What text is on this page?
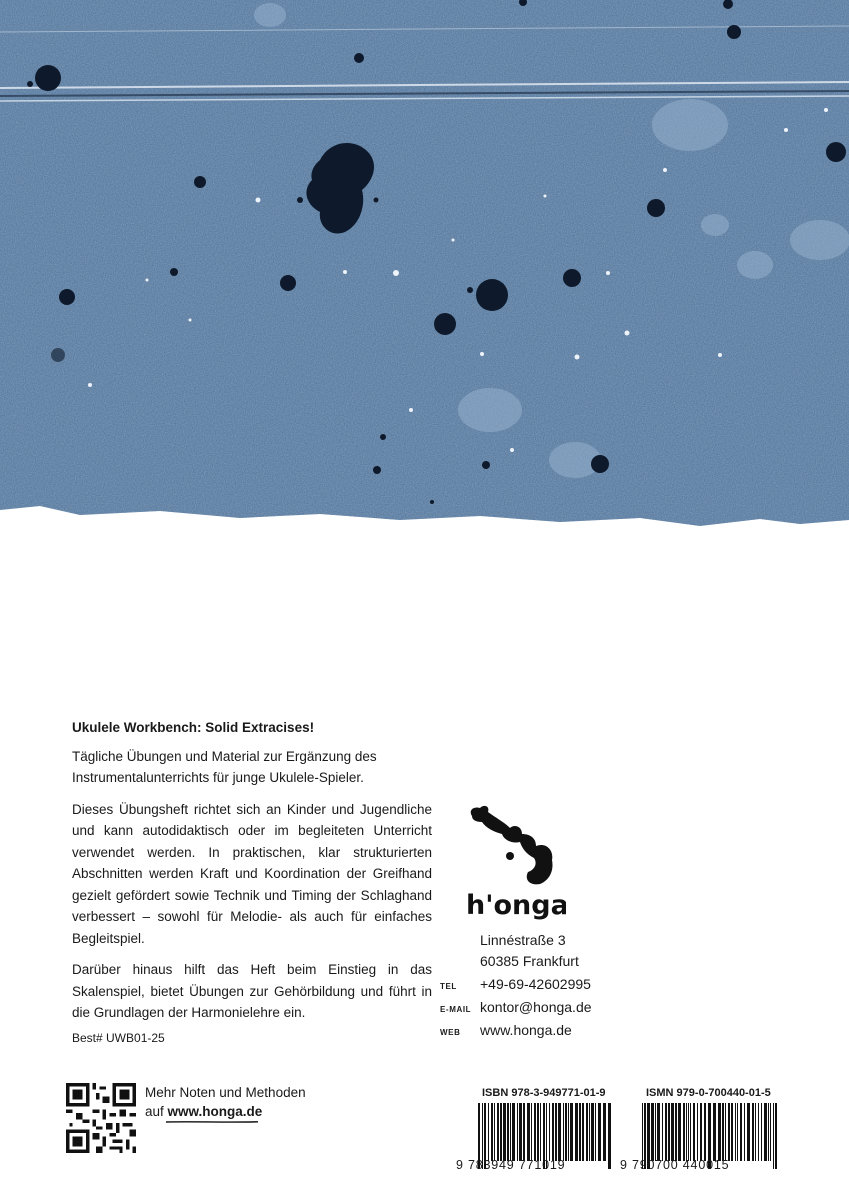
Ukulele Workbench: Solid Extracises!

Tägliche Übungen und Material zur Ergänzung des Instrumentalunterrichts für junge Ukulele-Spieler.

Dieses Übungsheft richtet sich an Kinder und Jugendliche und kann autodidaktisch oder im begleiteten Unterricht verwendet werden. In praktischen, klar strukturierten Abschnitten werden Kraft und Koordination der Greifhand gezielt gefördert sowie Technik und Timing der Schlaghand verbessert – sowohl für Melodie- als auch für einfaches Begleitspiel.

Darüber hinaus hilft das Heft beim Einstieg in das Skalenspiel, bietet Übungen zur Gehörbildung und führt in die Grundlagen der Harmonielehre ein.

Best# UWB01-25
h'onga
Linnéstraße 3
60385 Frankfurt
TEL	+49-69-42602995
E-MAIL kontor@honga.de
WEB	www.honga.de
Mehr Noten und Methoden
auf www.honga.de
ISBN 978-3-949771-01-9
9 783949 771019
ISMN 979-0-700440-01-5
9 790700 440015
